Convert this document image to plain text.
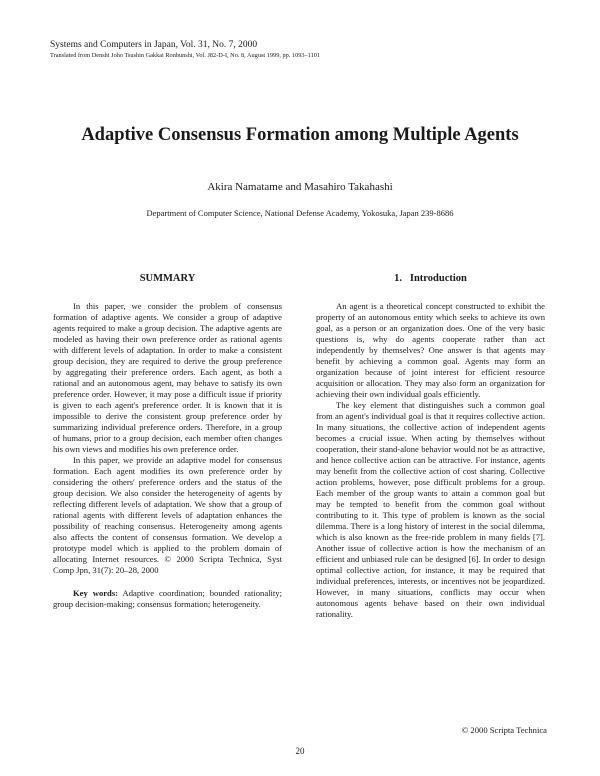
Systems and Computers in Japan, Vol. 31, No. 7, 2000
Translated from Denshi Joho Tsushin Gakkai Ronbunshi, Vol. J82-D-I, No. 8, August 1999, pp. 1093–1101
Adaptive Consensus Formation among Multiple Agents
Akira Namatame and Masahiro Takahashi
Department of Computer Science, National Defense Academy, Yokosuka, Japan 239-8686
SUMMARY

In this paper, we consider the problem of consensus formation of adaptive agents. We consider a group of adaptive agents required to make a group decision. The adaptive agents are modeled as having their own preference order as rational agents with different levels of adaptation. In order to make a consistent group decision, they are required to derive the group preference by aggregating their preference orders. Each agent, as both a rational and an autonomous agent, may behave to satisfy its own preference order. However, it may pose a difficult issue if priority is given to each agent's preference order. It is known that it is impossible to derive the consistent group preference order by summarizing individual preference orders. Therefore, in a group of humans, prior to a group decision, each member often changes his own views and modifies his own preference order.

In this paper, we provide an adaptive model for consensus formation. Each agent modifies its own preference order by considering the others' preference orders and the status of the group decision. We also consider the heterogeneity of agents by reflecting different levels of adaptation. We show that a group of rational agents with different levels of adaptation enhances the possibility of reaching consensus. Heterogeneity among agents also affects the content of consensus formation. We develop a prototype model which is applied to the problem domain of allocating Internet resources. © 2000 Scripta Technica, Syst Comp Jpn, 31(7): 20–28, 2000

Key words: Adaptive coordination; bounded rationality; group decision-making; consensus formation; heterogeneity.

1.   Introduction

An agent is a theoretical concept constructed to exhibit the property of an autonomous entity which seeks to achieve its own goal, as a person or an organization does. One of the very basic questions is, why do agents cooperate rather than act independently by themselves? One answer is that agents may benefit by achieving a common goal. Agents may form an organization because of joint interest for efficient resource acquisition or allocation. They may also form an organization for achieving their own individual goals efficiently.

The key element that distinguishes such a common goal from an agent's individual goal is that it requires collective action. In many situations, the collective action of independent agents becomes a crucial issue. When acting by themselves without cooperation, their stand-alone behavior would not be as attractive, and hence collective action can be attractive. For instance, agents may benefit from the collective action of cost sharing. Collective action problems, however, pose difficult problems for a group. Each member of the group wants to attain a common goal but may be tempted to benefit from the common goal without contributing to it. This type of problem is known as the social dilemma. There is a long history of interest in the social dilemma, which is also known as the free-ride problem in many fields [7]. Another issue of collective action is how the mechanism of an efficient and unbiased rule can be designed [6]. In order to design optimal collective action, for instance, it may be required that individual preferences, interests, or incentives not be jeopardized. However, in many situations, conflicts may occur when autonomous agents behave based on their own individual rationality.

© 2000 Scripta Technica
20
